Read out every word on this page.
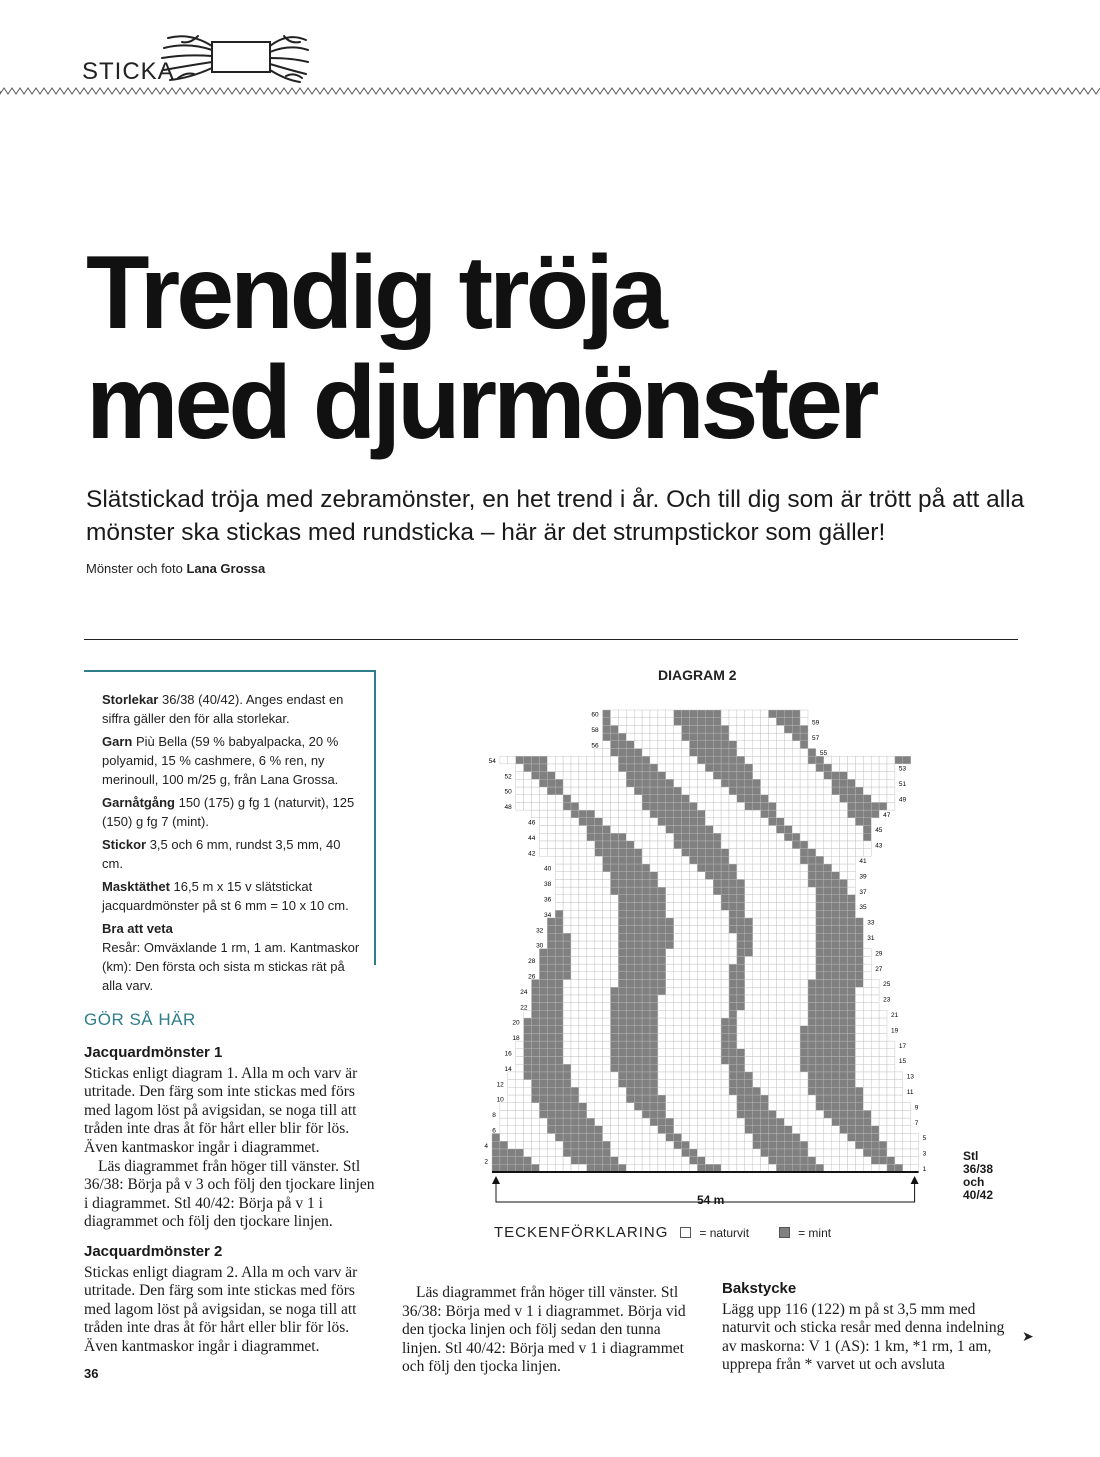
STICKA
Trendig tröja
med djurmönster

Slätstickad tröja med zebramönster, en het trend i år. Och till dig som är trött på att alla mönster ska stickas med rundsticka – här är det strumpstickor som gäller!

Mönster och foto Lana Grossa
Storlekar 36/38 (40/42). Anges endast en siffra gäller den för alla storlekar.
Garn Più Bella (59 % babyalpacka, 20 % polyamid, 15 % cashmere, 6 % ren, ny merinoull, 100 m/25 g, från Lana Grossa.
Garnåtgång 150 (175) g fg 1 (naturvit), 125 (150) g fg 7 (mint).
Stickor 3,5 och 6 mm, rundst 3,5 mm, 40 cm.
Masktäthet 16,5 m x 15 v slätstickat jacquardmönster på st 6 mm = 10 x 10 cm.
Bra att veta
Resår: Omväxlande 1 rm, 1 am. Kantmaskor (km): Den första och sista m stickas rät på alla varv.
GÖR SÅ HÄR
Jacquardmönster 1
Stickas enligt diagram 1. Alla m och varv är utritade. Den färg som inte stickas med förs med lagom löst på avigsidan, se noga till att tråden inte dras åt för hårt eller blir för lös. Även kantmaskor ingår i diagrammet.
Läs diagrammet från höger till vänster. Stl 36/38: Börja på v 3 och följ den tjockare linjen i diagrammet. Stl 40/42: Börja på v 1 i diagrammet och följ den tjockare linjen.
Jacquardmönster 2
Stickas enligt diagram 2. Alla m och varv är utritade. Den färg som inte stickas med förs med lagom löst på avigsidan, se noga till att tråden inte dras åt för hårt eller blir för lös. Även kantmaskor ingår i diagrammet.
DIAGRAM 2
1
3
5
7
9
11
13
15
17
19
21
23
25
27
29
31
33
35
37
39
41
43
45
47
49
51
53
55
57
59
2
4
6
8
10
12
14
16
18
20
22
24
26
28
30
32
34
36
38
40
42
44
46
48
50
52
54
56
58
60
54 m
Stl
36/38
och
40/42
TECKENFÖRKLARING	= naturvit	= mint
Läs diagrammet från höger till vänster. Stl 36/38: Börja med v 1 i diagrammet. Börja vid den tjocka linjen och följ sedan den tunna linjen. Stl 40/42: Börja med v 1 i diagrammet och följ den tjocka linjen.
Bakstycke
Lägg upp 116 (122) m på st 3,5 mm med naturvit och sticka resår med denna indelning av maskorna: V 1 (AS): 1 km, *1 rm, 1 am, upprepa från * varvet ut och avsluta
➤
36
